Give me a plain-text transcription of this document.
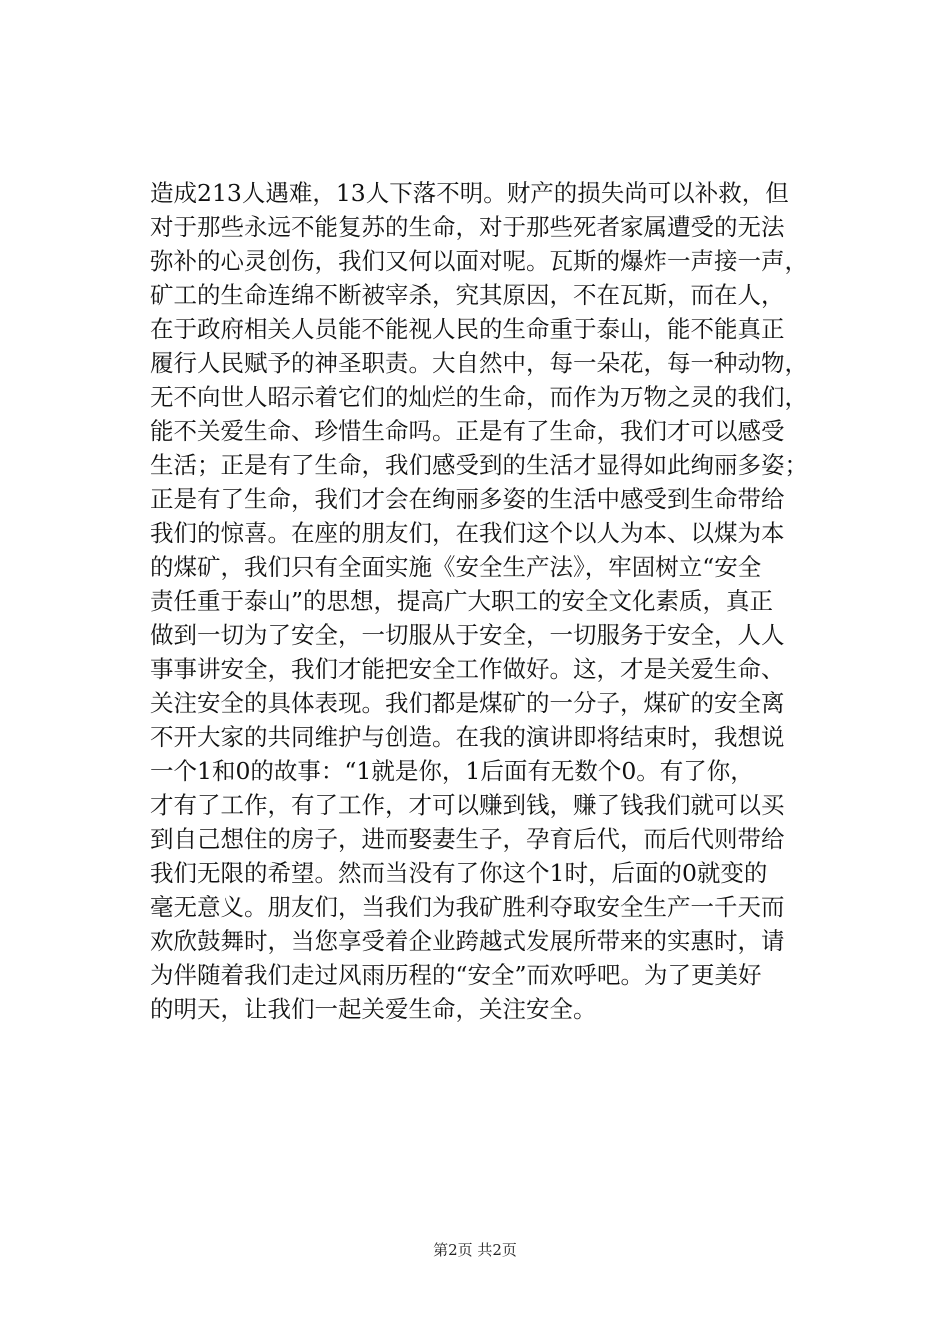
造成213人遇难，13人下落不明。财产的损失尚可以补救，但
对于那些永远不能复苏的生命，对于那些死者家属遭受的无法
弥补的心灵创伤，我们又何以面对呢。瓦斯的爆炸一声接一声，
矿工的生命连绵不断被宰杀，究其原因，不在瓦斯，而在人，
在于政府相关人员能不能视人民的生命重于泰山，能不能真正
履行人民赋予的神圣职责。大自然中，每一朵花，每一种动物，
无不向世人昭示着它们的灿烂的生命，而作为万物之灵的我们，
能不关爱生命、珍惜生命吗。正是有了生命，我们才可以感受
生活；正是有了生命，我们感受到的生活才显得如此绚丽多姿；
正是有了生命，我们才会在绚丽多姿的生活中感受到生命带给
我们的惊喜。在座的朋友们，在我们这个以人为本、以煤为本
的煤矿，我们只有全面实施《安全生产法》，牢固树立“安全
责任重于泰山”的思想，提高广大职工的安全文化素质，真正
做到一切为了安全，一切服从于安全，一切服务于安全，人人
事事讲安全，我们才能把安全工作做好。这，才是关爱生命、
关注安全的具体表现。我们都是煤矿的一分子，煤矿的安全离
不开大家的共同维护与创造。在我的演讲即将结束时，我想说
一个1和0的故事：“1就是你，1后面有无数个0。有了你，
才有了工作，有了工作，才可以赚到钱，赚了钱我们就可以买
到自己想住的房子，进而娶妻生子，孕育后代，而后代则带给
我们无限的希望。然而当没有了你这个1时，后面的0就变的
毫无意义。朋友们，当我们为我矿胜利夺取安全生产一千天而
欢欣鼓舞时，当您享受着企业跨越式发展所带来的实惠时，请
为伴随着我们走过风雨历程的“安全”而欢呼吧。为了更美好
的明天，让我们一起关爱生命，关注安全。
第2页 共2页
